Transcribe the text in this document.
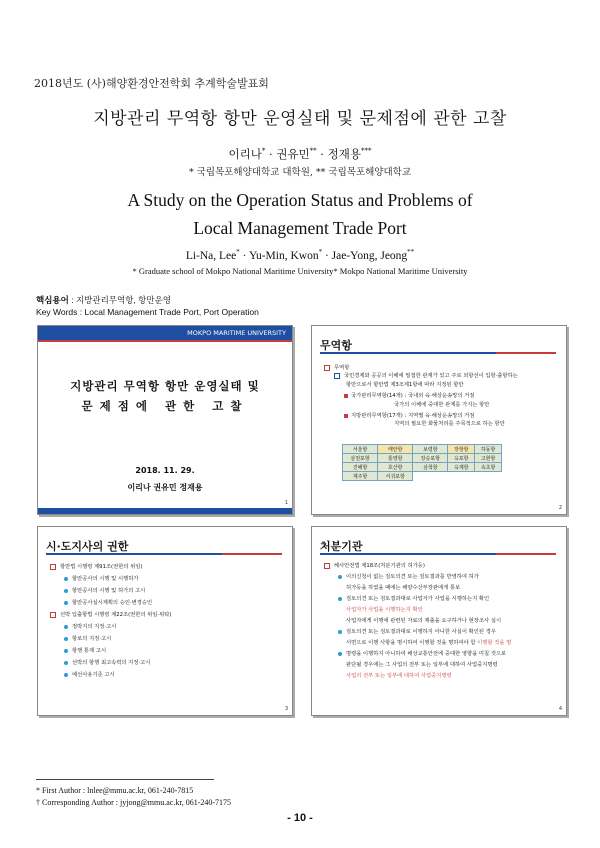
2018년도 (사)해양환경안전학회 추계학술발표회
지방관리 무역항 항만 운영실태 및 문제점에 관한 고찰
이리나* · 권유민** · 정재용***
* 국립목포해양대학교 대학원, ** 국립목포해양대학교
A Study on the Operation Status and Problems of
Local Management Trade Port
Li-Na, Lee* · Yu-Min, Kwon* · Jae-Yong, Jeong**
* Graduate school of Mokpo National Maritime University* Mokpo National Maritime University
핵심용어 : 지방관리무역항, 항만운영
Key Words : Local Management Trade Port, Port Operation
MOKPO MARITIME UNIVERSITY
지방관리 무역항 항만 운영실태 및
문제점에 관한 고찰
2018. 11. 29.
이리나 권유민 정재용
1
무역항
무역항
국민경제와 공공의 이해에 밀접한 관계가 있고 주로 외항선이 입항·출항하는
항만으로서 항만법 제3조제1항에 따라 지정된 항만
국가관리무역항(14개) : 국내외 육·해상운송망의 거점
국가의 이해에 중대한 관계를 가지는 항만
지방관리무역항(17개) : 지역별 육·해상운송망의 거점
지역의 필요한 화물처리를 주목적으로 하는 항만
서울항	태안항	보령항	장항항	하동항
삼천포항	통영항	장승포항	옥포항	고현항
진해항	호산항	삼척항	옥계항	속초항
제주항	서귀포항			
2
시·도지사의 권한
항만법 시행령 제91조(권한의 위임)
항만공사의 시행 및 시행허가
항만공사의 시행 및 허가의 고시
항만공사실시계획의 승인·변경승인
선박 입출항법 시행령 제22조(권한의 위임·위탁)
정박지의 지정·고시
항로의 지정·고시
항행 통제 고시
선박의 항행 최고속력의 지정·고시
예선사용기준 고시
3
처분기관
해사안전법 제18조(처분기관의 허가등)
이의신청이 없는 검토의견 또는 검토결과를 반영하여 허가
허가등을 하였을 때에는 해양수산부장관에게 통보
검토의견 또는 검토결과대로 사업자가 사업을 시행하는지 확인
사업자가 사업을 시행하는지 확인
사업자에게 이행에 관련된 자료의 제출을 요구하거나 현장조사 실시
검토의견 또는 검토결과대로 이행하지 아니한 사실이 확인된 경우
서면으로 이행 사항을 명시하여 이행할 것을 명하여야 함 이행할 것을 명
명령을 이행하지 아니하여 해상교통안전에 중대한 영향을 미칠 것으로
판단될 경우에는 그 사업의 전부 또는 일부에 대하여 사업중지명령
사업의 전부 또는 일부에 대하여 사업중지명령
4
* First Author : lnlee@mmu.ac.kr, 061-240-7815
† Corresponding Author : jyjong@mmu.ac.kr, 061-240-7175
- 10 -
